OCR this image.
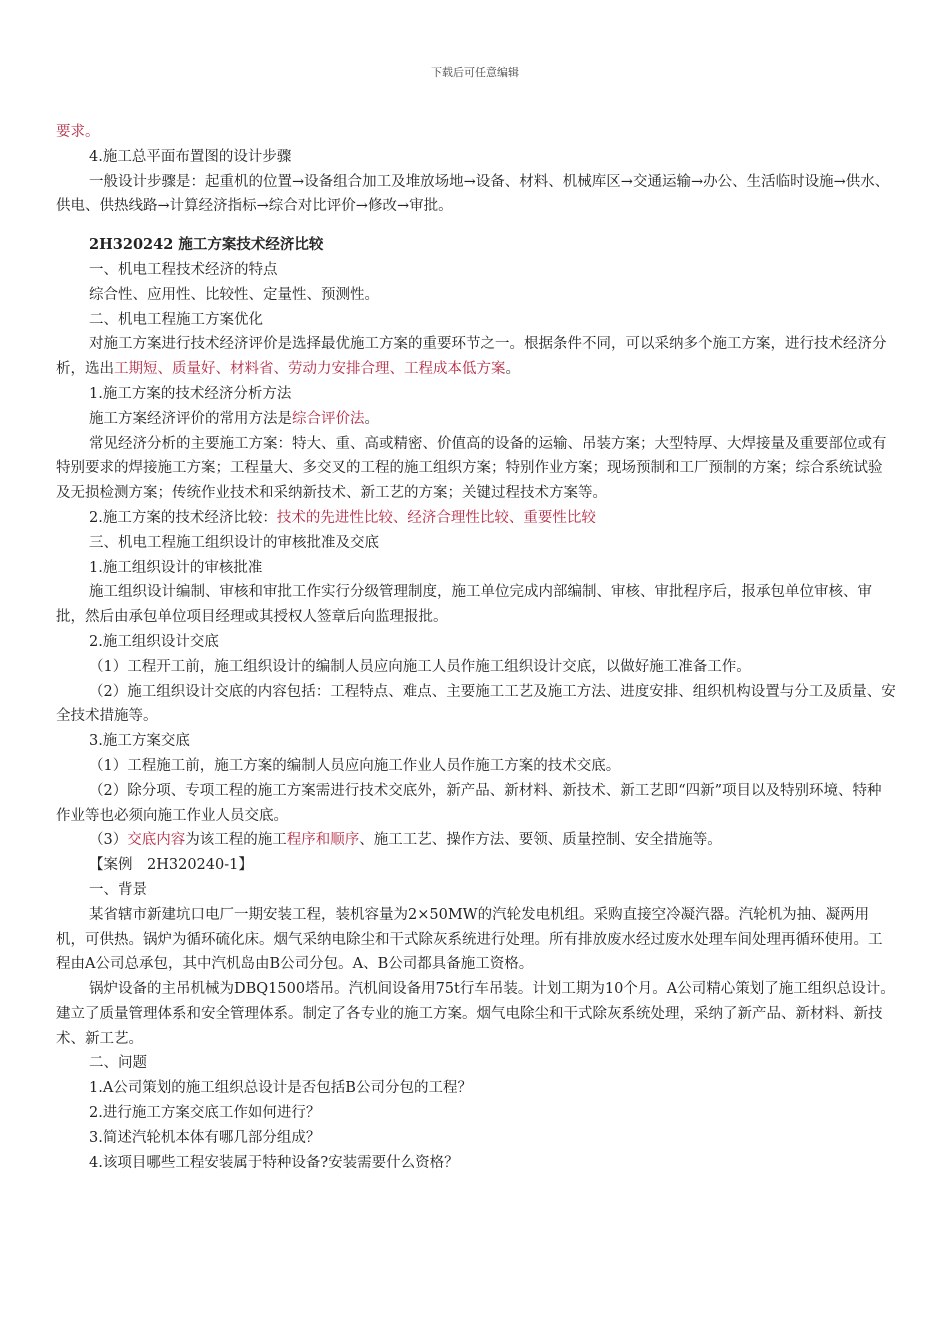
下载后可任意编辑

要求。

4.施工总平面布置图的设计步骤

一般设计步骤是：起重机的位置→设备组合加工及堆放场地→设备、材料、机械库区→交通运输→办公、生活临时设施→供水、供电、供热线路→计算经济指标→综合对比评价→修改→审批。

2H320242 施工方案技术经济比较

一、机电工程技术经济的特点

综合性、应用性、比较性、定量性、预测性。

二、机电工程施工方案优化

对施工方案进行技术经济评价是选择最优施工方案的重要环节之一。根据条件不同，可以采纳多个施工方案，进行技术经济分析，选出工期短、质量好、材料省、劳动力安排合理、工程成本低方案。

1.施工方案的技术经济分析方法

施工方案经济评价的常用方法是综合评价法。

常见经济分析的主要施工方案：特大、重、高或精密、价值高的设备的运输、吊装方案；大型特厚、大焊接量及重要部位或有特别要求的焊接施工方案；工程量大、多交叉的工程的施工组织方案；特别作业方案；现场预制和工厂预制的方案；综合系统试验及无损检测方案；传统作业技术和采纳新技术、新工艺的方案；关键过程技术方案等。

2.施工方案的技术经济比较：技术的先进性比较、经济合理性比较、重要性比较

三、机电工程施工组织设计的审核批准及交底

1.施工组织设计的审核批准

施工组织设计编制、审核和审批工作实行分级管理制度，施工单位完成内部编制、审核、审批程序后，报承包单位审核、审批，然后由承包单位项目经理或其授权人签章后向监理报批。

2.施工组织设计交底

（1）工程开工前，施工组织设计的编制人员应向施工人员作施工组织设计交底，以做好施工准备工作。

（2）施工组织设计交底的内容包括：工程特点、难点、主要施工工艺及施工方法、进度安排、组织机构设置与分工及质量、安全技术措施等。

3.施工方案交底

（1）工程施工前，施工方案的编制人员应向施工作业人员作施工方案的技术交底。

（2）除分项、专项工程的施工方案需进行技术交底外，新产品、新材料、新技术、新工艺即“四新”项目以及特别环境、特种作业等也必须向施工作业人员交底。

（3）交底内容为该工程的施工程序和顺序、施工工艺、操作方法、要领、质量控制、安全措施等。

【案例　2H320240-1】

一、背景

某省辖市新建坑口电厂一期安装工程，装机容量为2×50MW的汽轮发电机组。采购直接空冷凝汽器。汽轮机为抽、凝两用机，可供热。锅炉为循环硫化床。烟气采纳电除尘和干式除灰系统进行处理。所有排放废水经过废水处理车间处理再循环使用。工程由A公司总承包，其中汽机岛由B公司分包。A、B公司都具备施工资格。

锅炉设备的主吊机械为DBQ1500塔吊。汽机间设备用75t行车吊装。计划工期为10个月。A公司精心策划了施工组织总设计。建立了质量管理体系和安全管理体系。制定了各专业的施工方案。烟气电除尘和干式除灰系统处理，采纳了新产品、新材料、新技术、新工艺。

二、问题

1.A公司策划的施工组织总设计是否包括B公司分包的工程？

2.进行施工方案交底工作如何进行？

3.简述汽轮机本体有哪几部分组成？

4.该项目哪些工程安装属于特种设备?安装需要什么资格？
